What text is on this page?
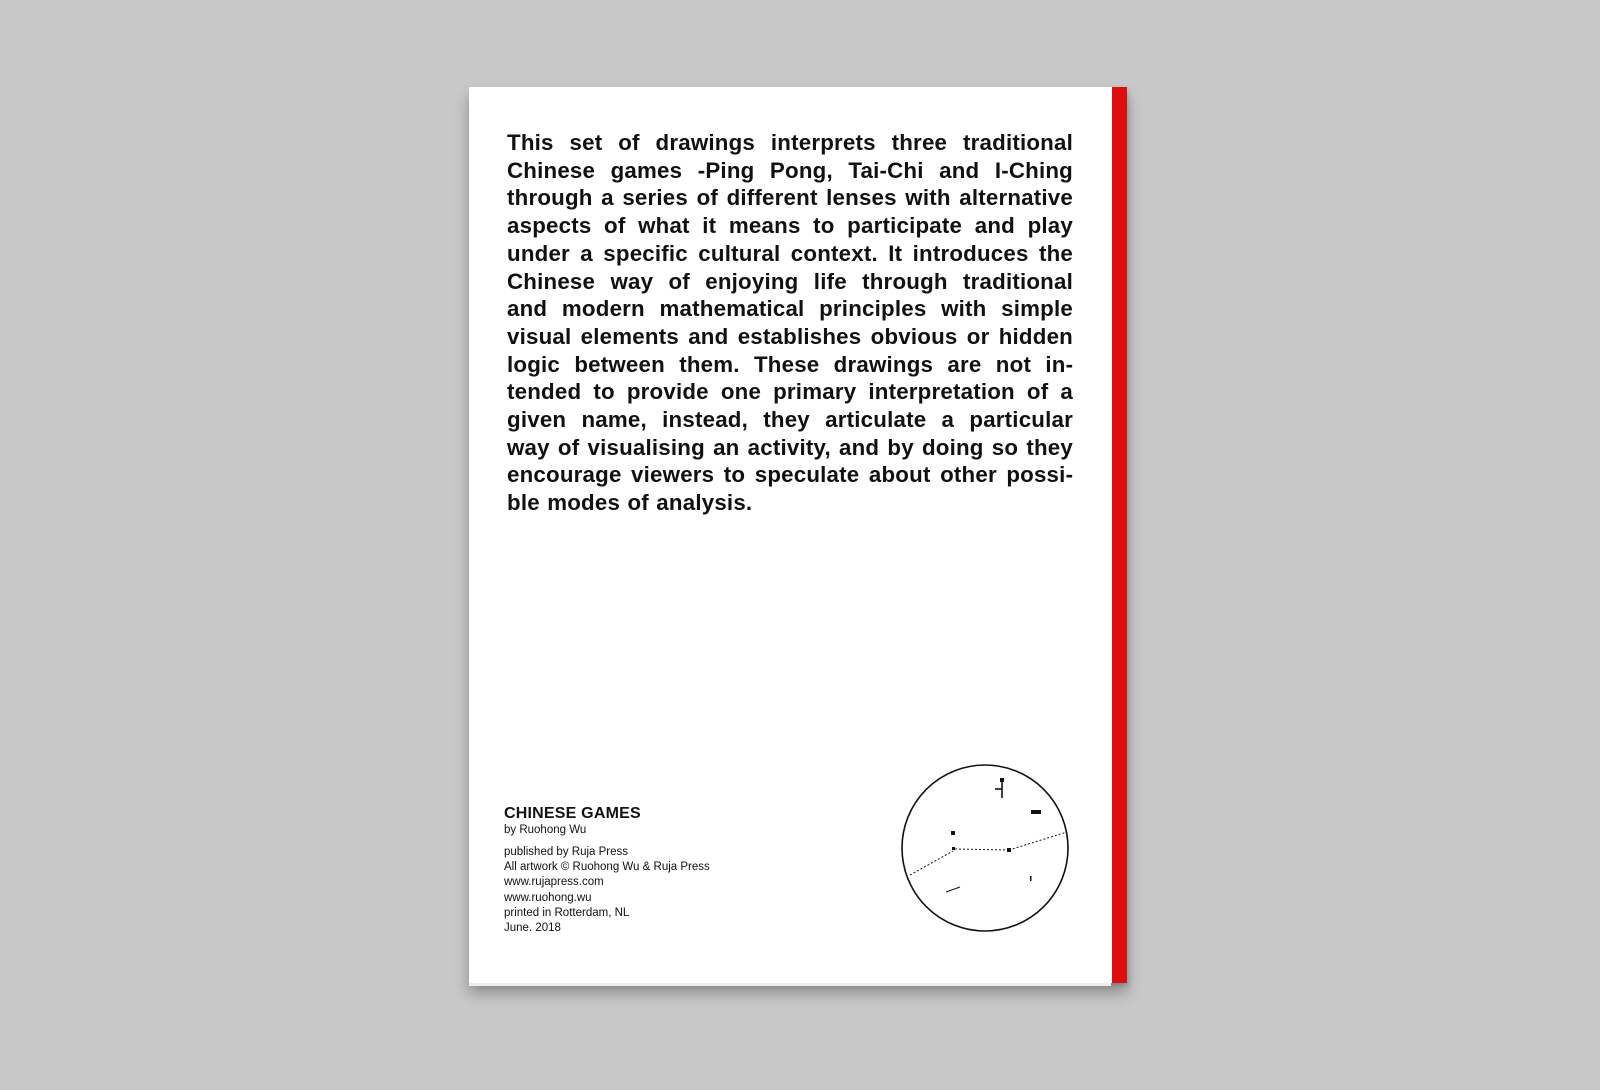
This set of drawings interprets three traditional Chinese games -Ping Pong, Tai-Chi and I-Ching through a series of different lenses with alternative aspects of what it means to participate and play under a specific cultural context. It introduces the Chinese way of enjoying life through traditional and modern mathematical principles with simple visual elements and establishes obvious or hidden logic between them. These drawings are not intended to provide one primary interpretation of a given name, instead, they articulate a particular way of visualising an activity, and by doing so they encourage viewers to speculate about other possible modes of analysis.

CHINESE GAMES
by Ruohong Wu
published by Ruja Press
All artwork © Ruohong Wu & Ruja Press
www.rujapress.com
www.ruohong.wu
printed in Rotterdam, NL
June. 2018
